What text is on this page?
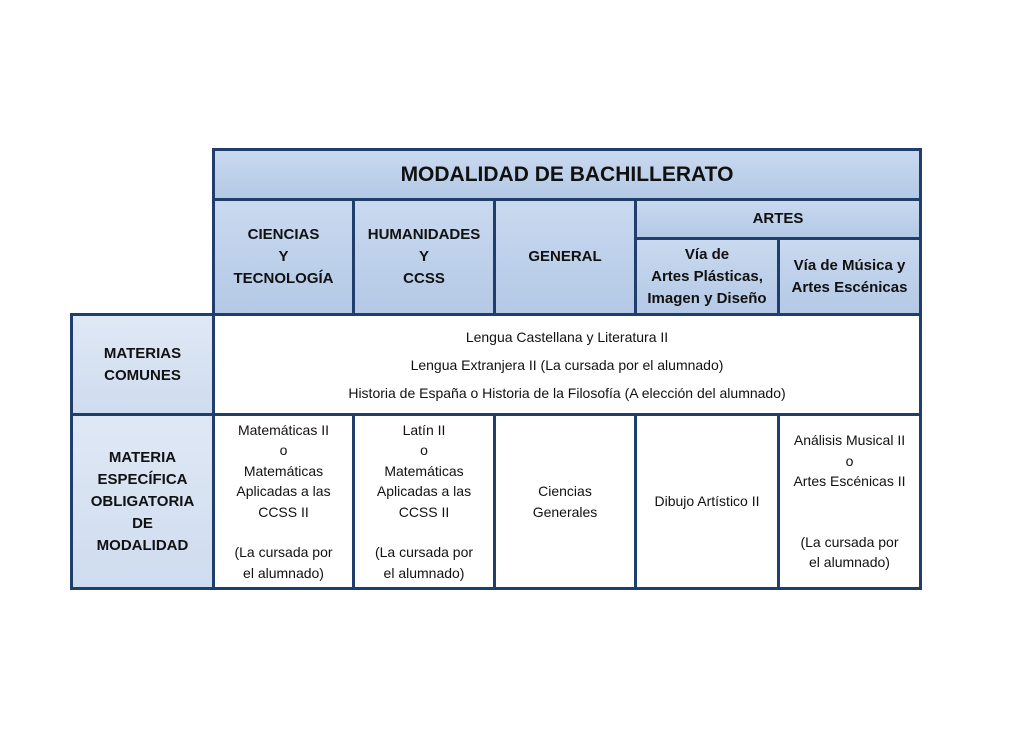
MODALIDAD DE BACHILLERATO
CIENCIAS
Y
TECNOLOGÍA
HUMANIDADES
Y
CCSS
GENERAL
ARTES
Vía de
Artes Plásticas,
Imagen y Diseño
Vía de Música y
Artes Escénicas
MATERIAS
COMUNES
Lengua Castellana y Literatura II
Lengua Extranjera II (La cursada por el alumnado)
Historia de España o Historia de la Filosofía (A elección del alumnado)
MATERIA
ESPECÍFICA
OBLIGATORIA
DE
MODALIDAD
Matemáticas II
o
Matemáticas
Aplicadas a las
CCSS II
(La cursada por
el alumnado)
Latín II
o
Matemáticas
Aplicadas a las
CCSS II
(La cursada por
el alumnado)
Ciencias
Generales
Dibujo Artístico II
Análisis Musical II
o
Artes Escénicas II
(La cursada por
el alumnado)
